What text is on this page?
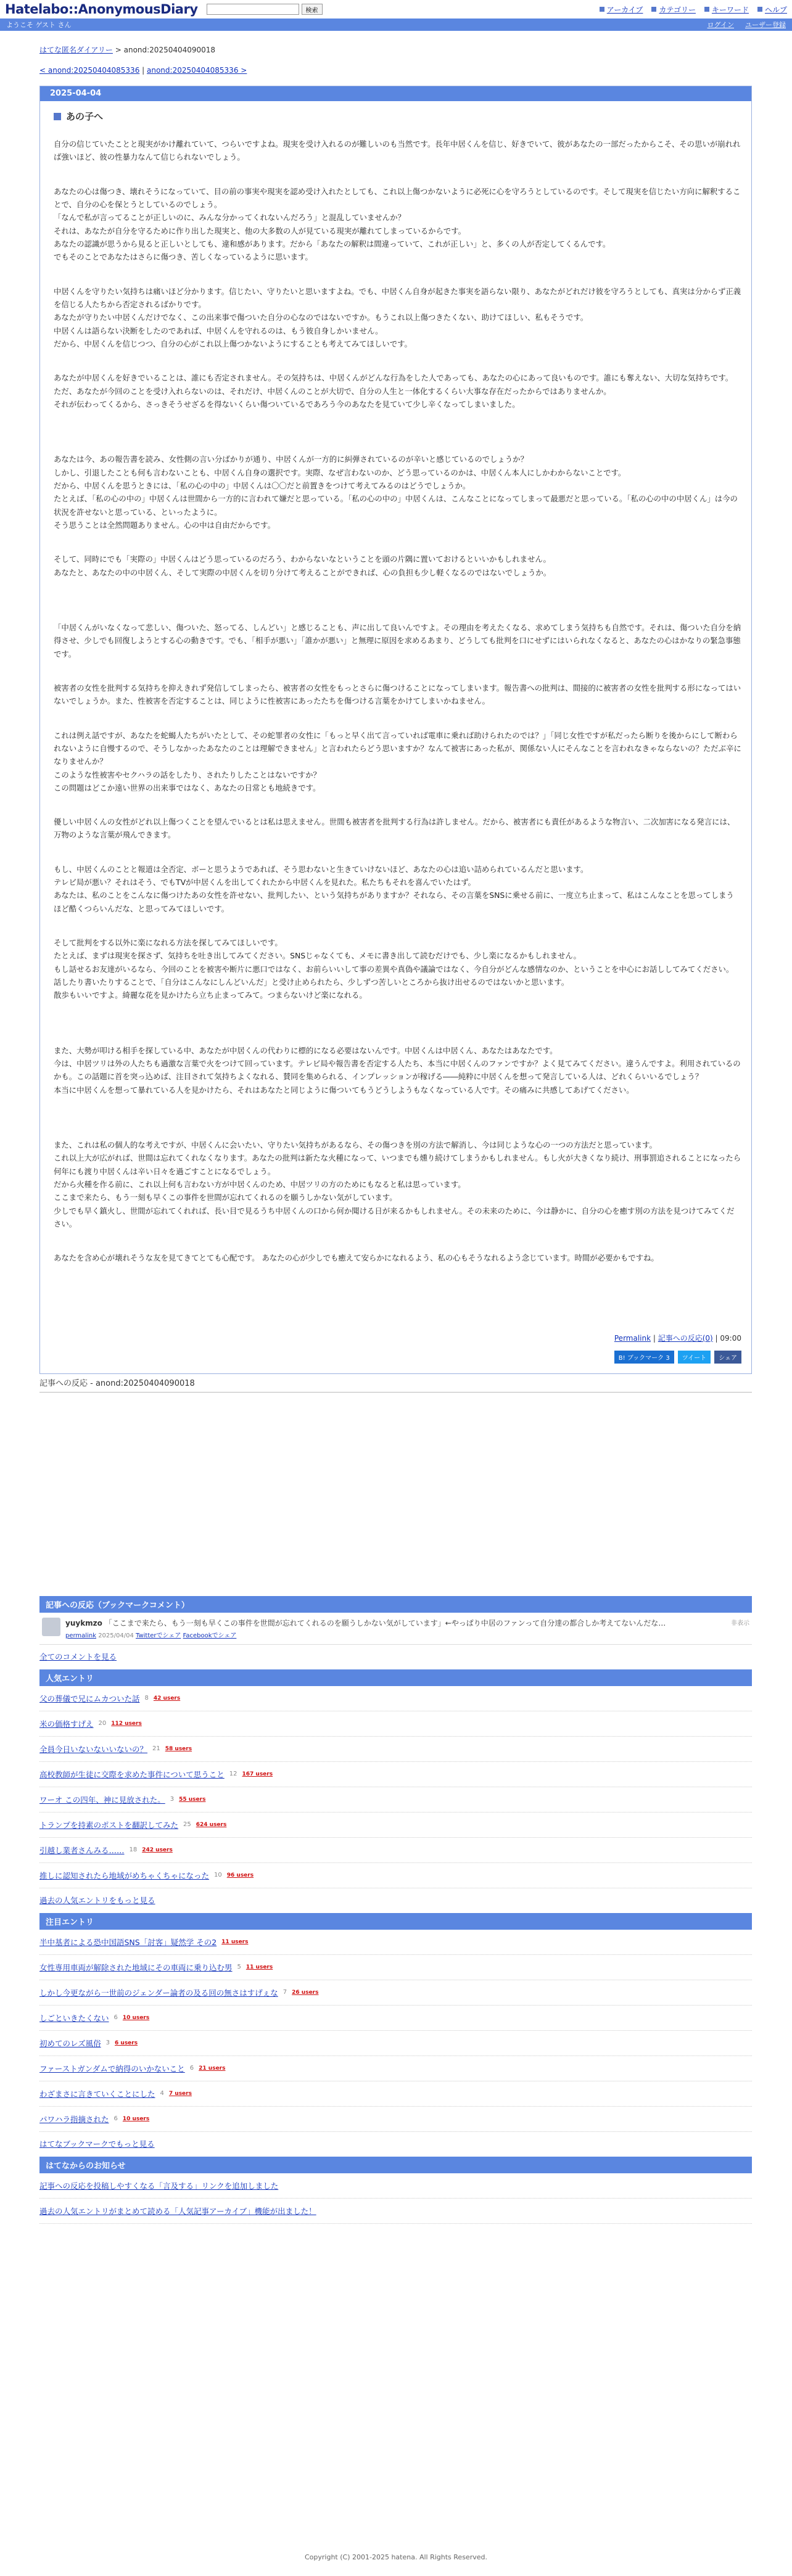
Hatelabo::AnonymousDiary	検索	アーカイブ カテゴリー キーワード ヘルプ
ようこそ ゲスト さん	ログイン ユーザー登録
はてな匿名ダイアリー > anond:20250404090018
< anond:20250404085336 | anond:20250404085336 >
2025-04-04
あの子へ

自分の信じていたことと現実がかけ離れていて、つらいですよね。現実を受け入れるのが難しいのも当然です。長年中居くんを信じ、好きでいて、彼があなたの一部だったからこそ、その思いが崩れれば強いほど、彼の性暴力なんて信じられないでしょう。

あなたの心は傷つき、壊れそうになっていて、目の前の事実や現実を認め受け入れたとしても、これ以上傷つかないように必死に心を守ろうとしているのです。そして現実を信じたい方向に解釈することで、自分の心を保とうとしているのでしょう。

「なんで私が言ってることが正しいのに、みんな分かってくれないんだろう」と混乱していませんか？

それは、あなたが自分を守るために作り出した現実と、他の大多数の人が見ている現実が離れてしまっているからです。

あなたの認識が思うから見ると正しいとしても、違和感があります。だから「あなたの解釈は間違っていて、これが正しい」と、多くの人が否定してくるんです。

でもそのことであなたはさらに傷つき、苦しくなっているように思います。

中居くんを守りたい気持ちは痛いほど分かります。信じたい、守りたいと思いますよね。でも、中居くん自身が起きた事実を語らない限り、あなたがどれだけ彼を守ろうとしても、真実は分からず正義を信じる人たちから否定されるばかりです。

あなたが守りたい中居くんだけでなく、この出来事で傷ついた自分の心なのではないですか。もうこれ以上傷つきたくない、助けてほしい、私もそうです。

中居くんは語らない決断をしたのであれば、中居くんを守れるのは、もう彼自身しかいません。

だから、中居くんを信じつつ、自分の心がこれ以上傷つかないようにすることも考えてみてほしいです。

あなたが中居くんを好きでいることは、誰にも否定されません。その気持ちは、中居くんがどんな行為をした人であっても、あなたの心にあって良いものです。誰にも奪えない、大切な気持ちです。

ただ、あなたが今回のことを受け入れらないのは、それだけ、中居くんのことが大切で、自分の人生と一体化するくらい大事な存在だったからではありませんか。

それが伝わってくるから、さっきそうせざるを得ないくらい傷ついているであろう今のあなたを見ていて少し辛くなってしまいました。

あなたは今、あの報告書を読み、女性側の言い分ばかりが通り、中居くんが一方的に糾弾されているのが辛いと感じているのでしょうか？

しかし、引退したことも何も言わないことも、中居くん自身の選択です。実際、なぜ言わないのか、どう思っているのかは、中居くん本人にしかわからないことです。

だから、中居くんを思うときには、「私の心の中の」中居くんは〇〇だと前置きをつけて考えてみるのはどうでしょうか。

たとえば、「私の心の中の」中居くんは世間から一方的に言われて嫌だと思っている。「私の心の中の」中居くんは、こんなことになってしまって最悪だと思っている。「私の心の中の中居くん」は今の状況を許せないと思っている、といったように。

そう思うことは全然問題ありません。心の中は自由だからです。

そして、同時にでも「実際の」中居くんはどう思っているのだろう、わからないなということを頭の片隅に置いておけるといいかもしれません。

あなたと、あなたの中の中居くん、そして実際の中居くんを切り分けて考えることができれば、心の負担も少し軽くなるのではないでしょうか。

「中居くんがいなくなって悲しい、傷ついた、怒ってる、しんどい」と感じることも、声に出して良いんですよ。その理由を考えたくなる、求めてしまう気持ちも自然です。それは、傷ついた自分を納得させ、少しでも回復しようとする心の動きです。でも、「相手が悪い」「誰かが悪い」と無理に原因を求めるあまり、どうしても批判を口にせずにはいられなくなると、あなたの心はかなりの緊急事態です。

被害者の女性を批判する気持ちを抑えきれず発信してしまったら、被害者の女性をもっとさらに傷つけることになってしまいます。報告書への批判は、間接的に被害者の女性を批判する形になってはいないでしょうか。また、性被害を否定することは、同じように性被害にあったたちを傷つける言葉をかけてしまいかねません。

これは例え話ですが、あなたを蛇蝎人たちがいたとして、その蛇罪者の女性に「もっと早く出て言っていれば電車に乗れば助けられたのでは？」「同じ女性ですが私だったら断りを後からにして断わられないように自慢するので、そうしなかったあなたのことは理解できません」と言われたらどう思いますか？なんて被害にあった私が、関係ない人にそんなことを言われなきゃならないの？ただぶ辛になりませんか？

このような性被害やセクハラの話をしたり、されたりしたことはないですか？

この問題はどこか遠い世界の出来事ではなく、あなたの日常とも地続きです。

優しい中居くんの女性がどれ以上傷つくことを望んでいるとは私は思えません。世間も被害者を批判する行為は許しません。だから、被害者にも責任があるような物言い、二次加害になる発言には、万物のような言葉が飛んできます。

もし、中居くんのことと報道は全否定、ボーと思うようであれば、そう思わないと生きていけないほど、あなたの心は追い詰められているんだと思います。

テレビ局が悪い？それはそう、でもTVが中居くんを出してくれたから中居くんを見れた。私たちもそれを喜んでいたはず。

あなたは、私のことをこんなに傷つけたあの女性を許せない、批判したい、という気持ちがありますか？それなら、その言葉をSNSに乗せる前に、一度立ち止まって、私はこんなことを思ってしまうほど酷くつらいんだな、と思ってみてほしいです。

そして批判をする以外に楽になれる方法を探してみてほしいです。

たとえば、まずは現実を探さず、気持ちを吐き出してみてください。SNSじゃなくても、メモに書き出して読むだけでも、少し楽になるかもしれません。

もし話せるお友達がいるなら、今回のことを被害や断片に悪口ではなく、お前らいいして事の差異や真偽や議論ではなく、今自分がどんな感情なのか、ということを中心にお話ししてみてください。

話したり書いたりすることで、「自分はこんなにしんどいんだ」と受け止められたら、少しずつ苦しいところから抜け出せるのではないかと思います。

散歩もいいですよ。綺麗な花を見かけたら立ち止まってみて。つまらないけど楽になれる。

また、大勢が叩ける相手を探している中、あなたが中居くんの代わりに標的になる必要はないんです。中居くんは中居くん、あなたはあなたです。

今は、中居ツリは外の人たちも過激な言葉で火をつけて回っています。テレビ局や報告書を否定する人たち、本当に中居くんのファンですか？よく見てみてください。違うんですよ。利用されているのかも。この話題に首を突っ込めば、注目されて気持ちよくなれる、賛同を集められる、インプレッションが稼げる――純粋に中居くんを想って発言している人は、どれくらいいるでしょう？

本当に中居くんを想って暴れている人を見かけたら、それはあなたと同じように傷ついてもうどうしようもなくなっている人です。その痛みに共感してあげてください。

また、これは私の個人的な考えですが、中居くんに会いたい、守りたい気持ちがあるなら、その傷つきを別の方法で解消し、今は同じような心の一つの方法だと思っています。

これ以上大が広がれば、世間は忘れてくれなくなります。あなたの批判は新たな火種になって、いつまでも燻り続けてしまうかもしれません。もし火が大きくなり続け、刑事罰追されることになったら何年にも渡り中居くんは辛い日々を過ごすことになるでしょう。

だから火種を作る前に、これ以上何も言わない方が中居くんのため、中居ツリの方のためにもなると私は思っています。

ここまで来たら、もう一刻も早くこの事件を世間が忘れてくれるのを願うしかない気がしています。

少しでも早く鎮火し、世間が忘れてくれれば、長い目で見るうち中居くんの口から何か聞ける日が来るかもしれません。その未来のために、今は静かに、自分の心を癒す別の方法を見つけてみてください。

あなたを含め心が壊れそうな友を見てきてとても心配です。 あなたの心が少しでも癒えて安らかになれるよう、私の心もそうなれるよう念じています。時間が必要かもですね。

Permalink | 記事への反応(0) | 09:00
B! ブックマーク 3	ツイート	シェア
記事への反応 - anond:20250404090018
記事への反応（ブックマークコメント）
yuykmzo 「ここまで来たら、もう一刻も早くこの事件を世間が忘れてくれるのを願うしかない気がしています」←やっぱり中居のファンって自分達の都合しか考えてないんだな…
permalink 2025/04/04 Twitterでシェア Facebookでシェア
非表示
全てのコメントを見る
人気エントリ
父の葬儀で兄にムカついた話 8 42 users
米の価格すげえ 20 112 users
全員今日いないないいないの？ 21 58 users
高校教師が生徒に交際を求めた事件について思うこと 12 167 users
ワーオ この四年、神に見放された。 3 55 users
トランプを持素のポストを翻訳してみた 25 624 users
引越し業者さんみる…… 18 242 users
推しに認知されたら地域がめちゃくちゃになった 10 96 users
過去の人気エントリをもっと見る
注目エントリ
半中基者による恐中国語SNS「討客」疑然学 その2 11 users
女性専用車両が解除された地域にその車両に乗り込む男 5 11 users
しかし今更ながら一世前のジェンダー論者の及る回の無さはすげぇな 7 26 users
しごといきたくない 6 10 users
初めてのレズ風俗 3 6 users
ファーストガンダムで納得のいかないこと 6 21 users
わざまさに言きていくことにした 4 7 users
パワハラ指摘された 6 10 users
はてなブックマークでもっと見る
はてなからのお知らせ
記事への反応を投稿しやすくなる「言及する」リンクを追加しました
過去の人気エントリがまとめて読める「人気記事アーカイブ」機能が出ました！
Copyright (C) 2001-2025 hatena. All Rights Reserved.
